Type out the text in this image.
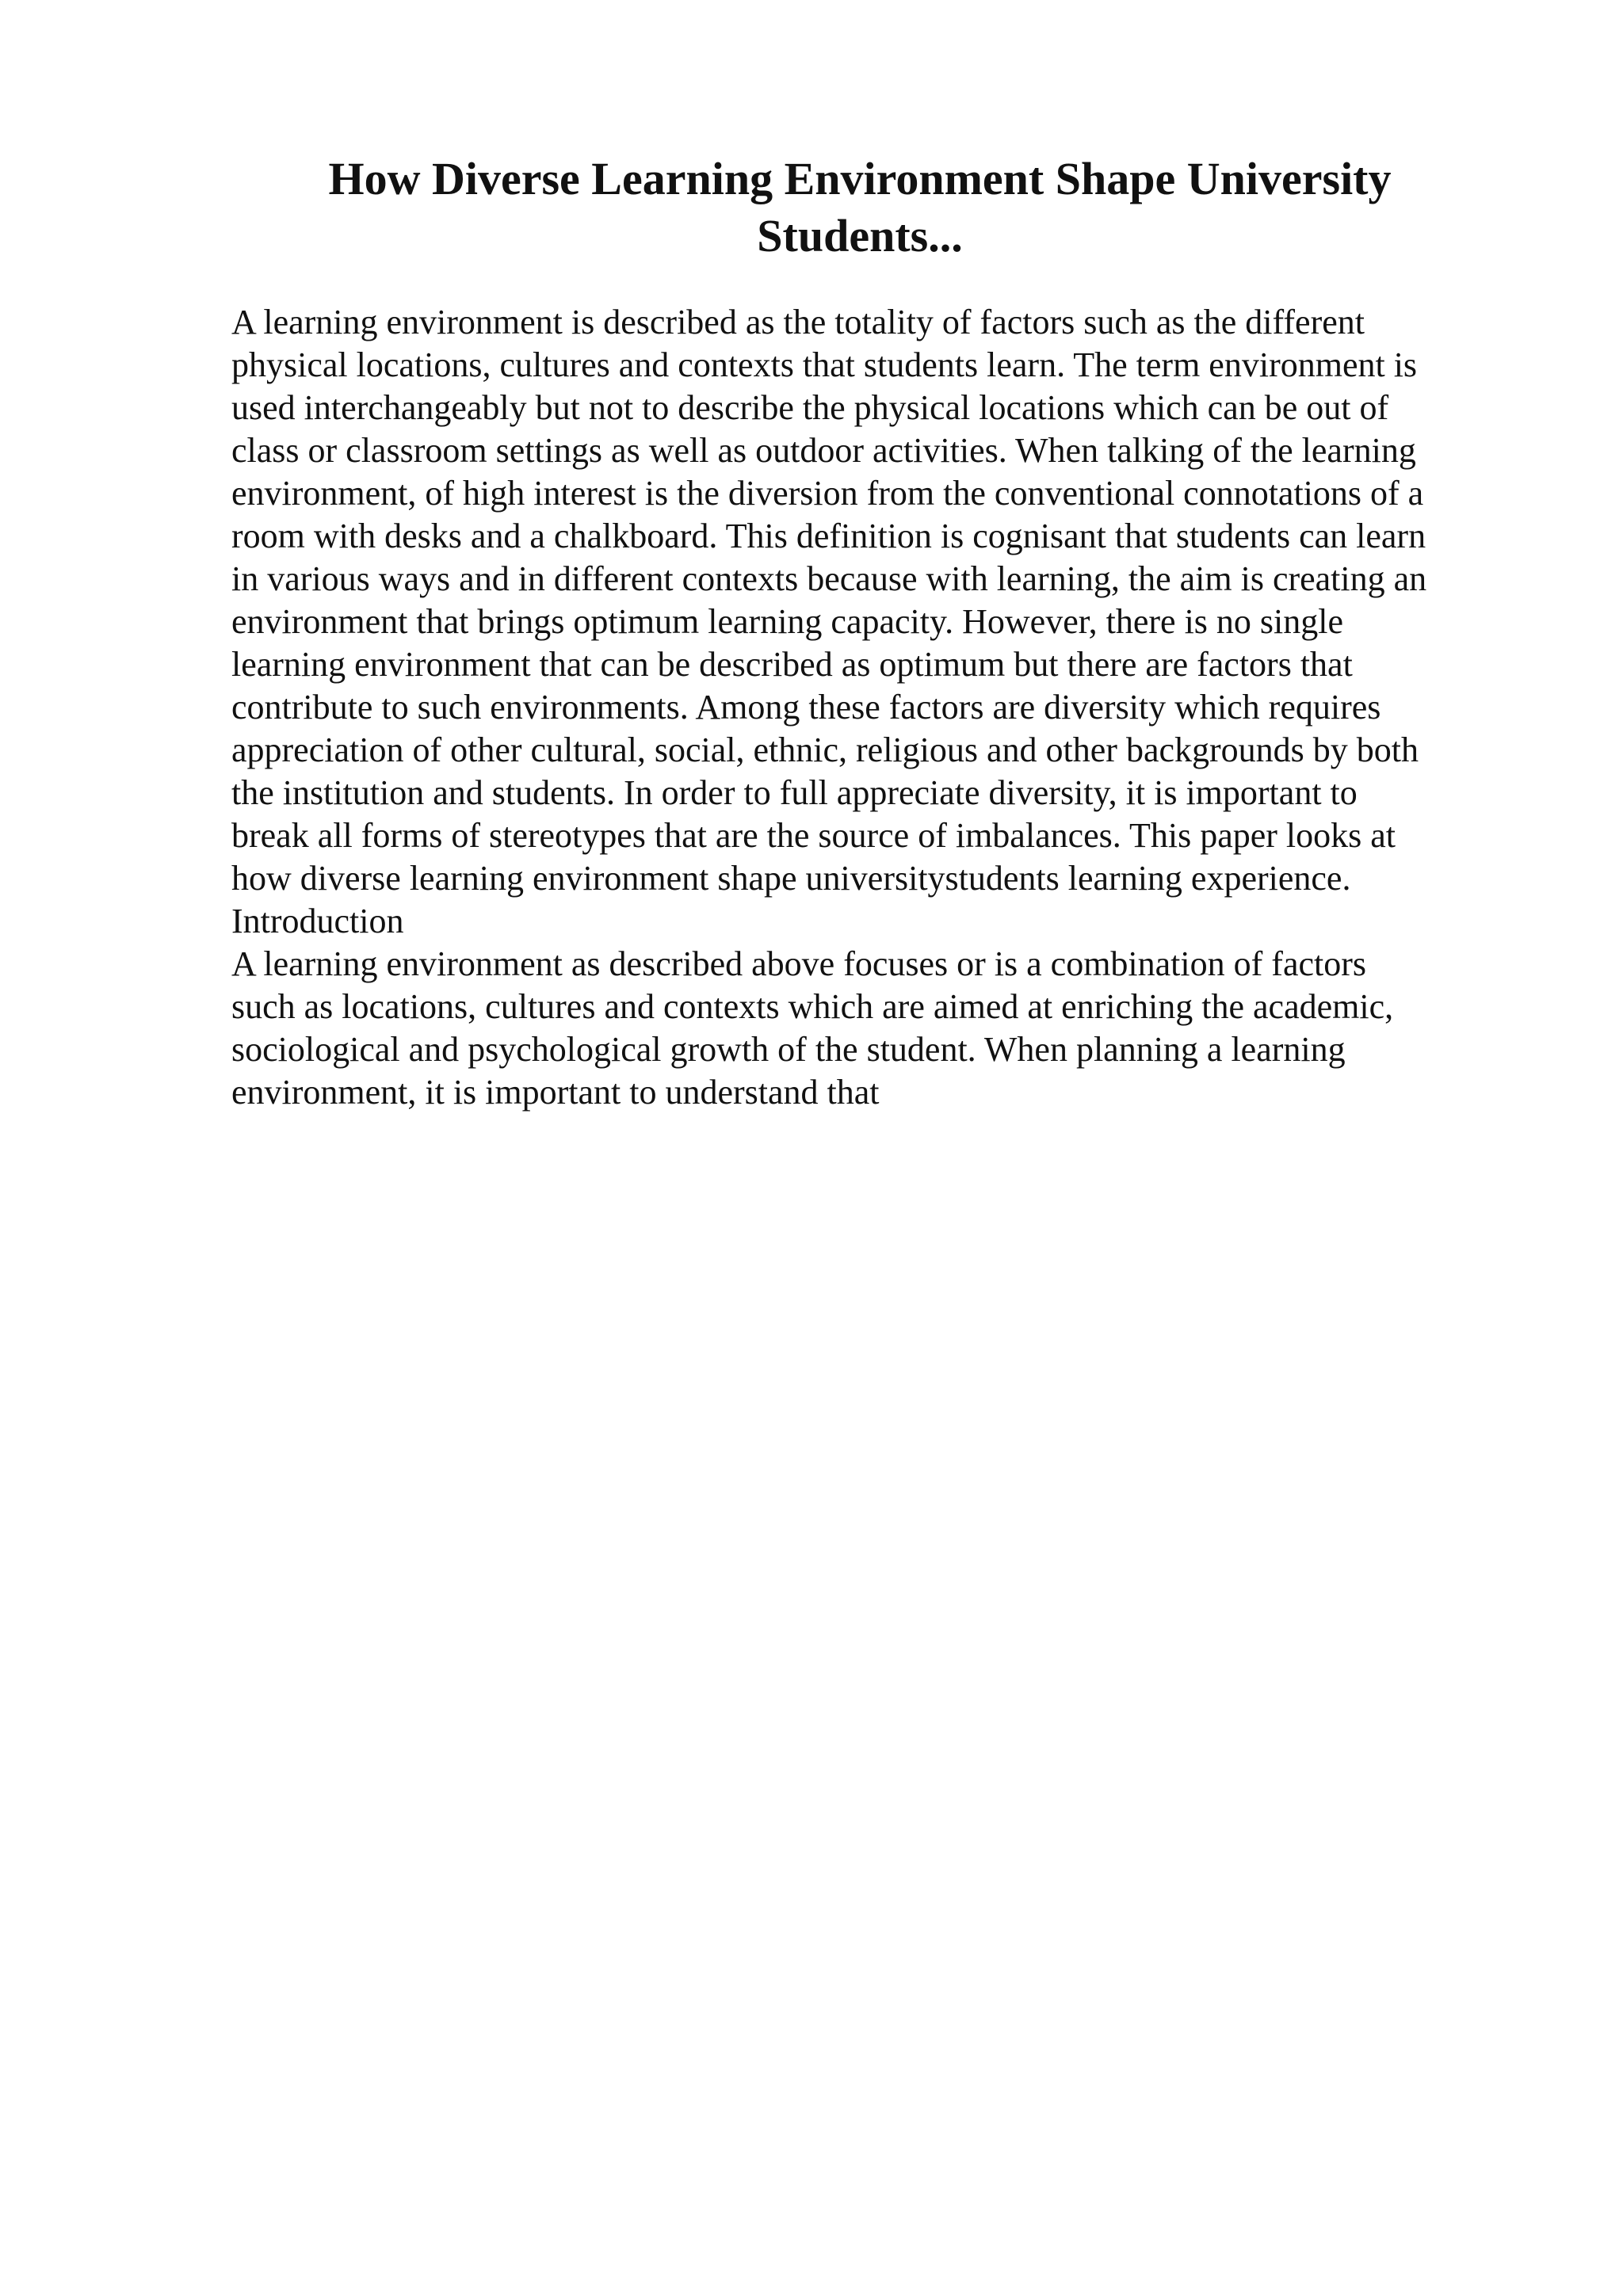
How Diverse Learning Environment Shape University
Students...
A learning environment is described as the totality of factors such as the different
physical locations, cultures and contexts that students learn. The term environment is
used interchangeably but not to describe the physical locations which can be out of
class or classroom settings as well as outdoor activities. When talking of the learning
environment, of high interest is the diversion from the conventional connotations of a
room with desks and a chalkboard. This definition is cognisant that students can learn
in various ways and in different contexts because with learning, the aim is creating an
environment that brings optimum learning capacity. However, there is no single
learning environment that can be described as optimum but there are factors that
contribute to such environments. Among these factors are diversity which requires
appreciation of other cultural, social, ethnic, religious and other backgrounds by both
the institution and students. In order to full appreciate diversity, it is important to
break all forms of stereotypes that are the source of imbalances. This paper looks at
how diverse learning environment shape universitystudents learning experience.
Introduction
A learning environment as described above focuses or is a combination of factors
such as locations, cultures and contexts which are aimed at enriching the academic,
sociological and psychological growth of the student. When planning a learning
environment, it is important to understand that
